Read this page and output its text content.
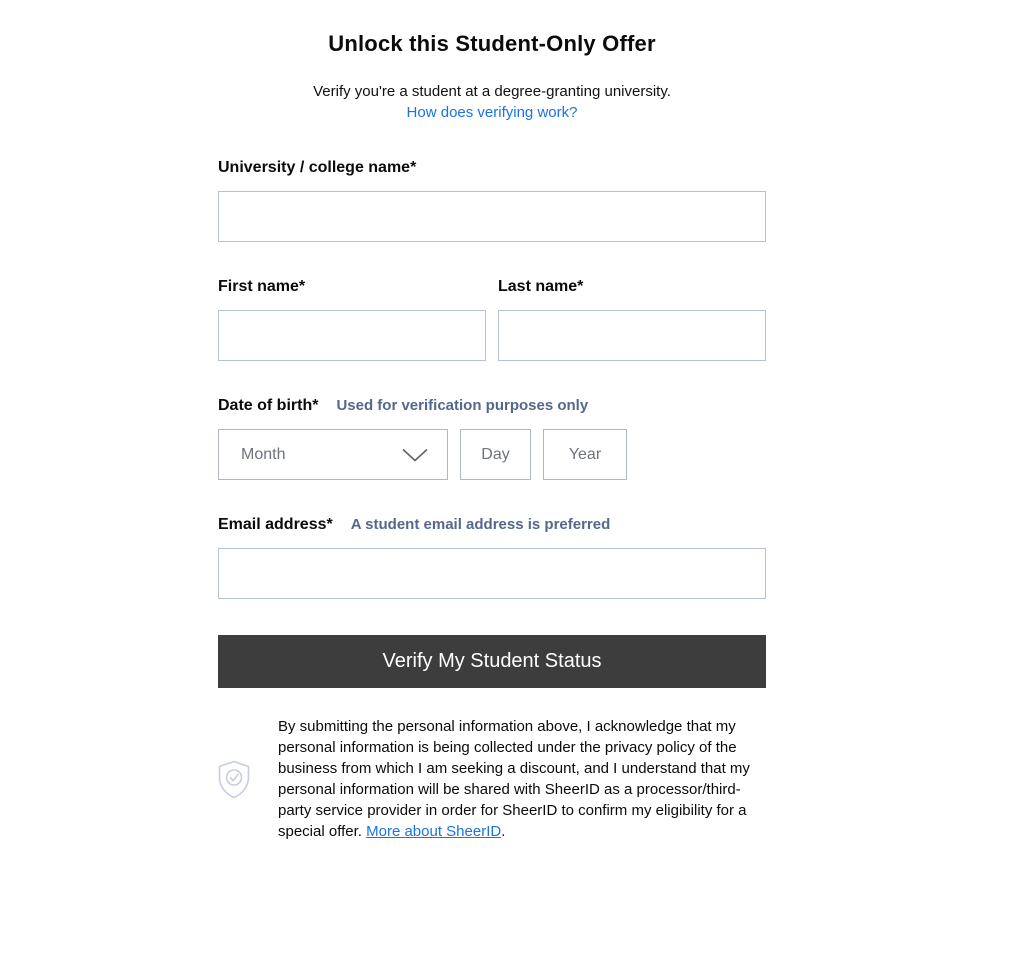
Unlock this Student-Only Offer
Verify you're a student at a degree-granting university.
How does verifying work?
University / college name*
First name*	Last name*
Date of birth* Used for verification purposes only
Month
Day
Year
Email address* A student email address is preferred
Verify My Student Status

By submitting the personal information above, I acknowledge that my personal information is being collected under the privacy policy of the business from which I am seeking a discount, and I understand that my personal information will be shared with SheerID as a processor/third-party service provider in order for SheerID to confirm my eligibility for a special offer. More about SheerID.
